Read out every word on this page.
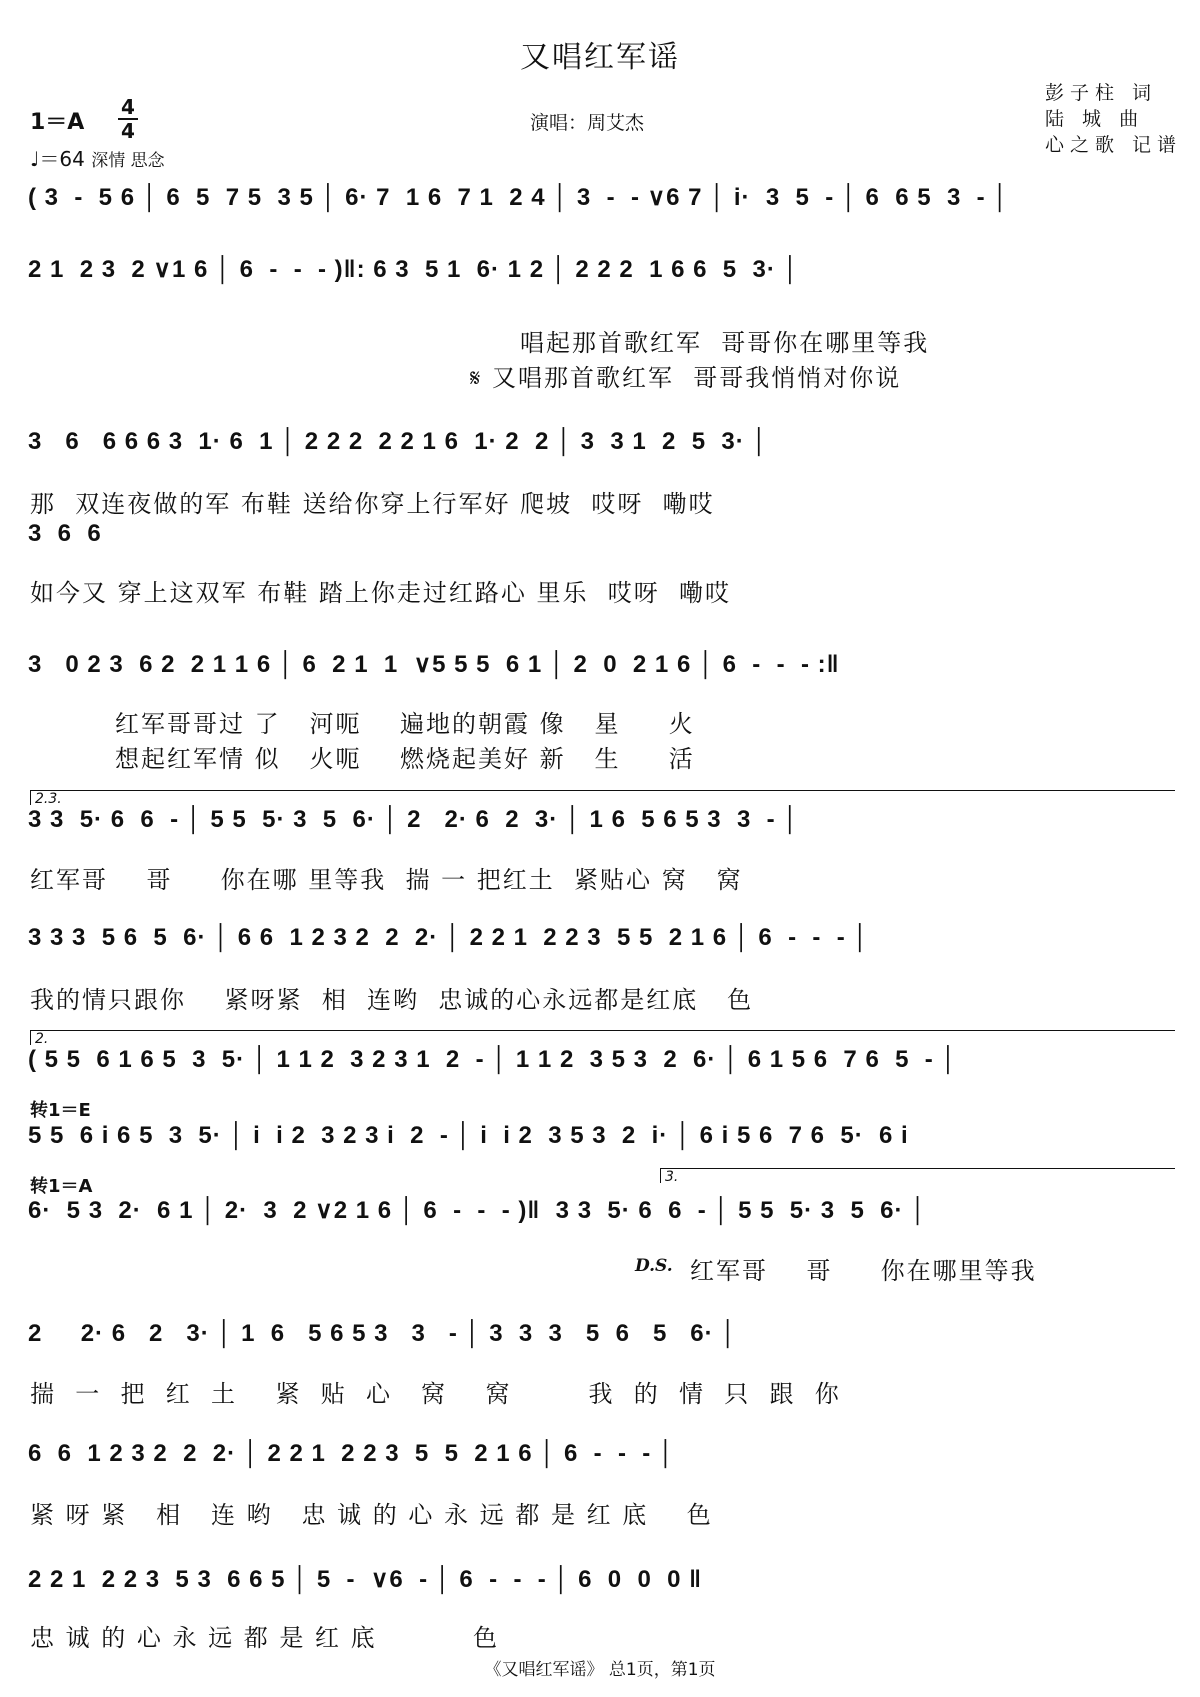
又唱红军谣
彭子柱 词
陆 城 曲
心之歌 记谱
1＝A
4
4
♩＝64 深情 思念
演唱：周艾杰
( 3  -  5 6 │ 6  5  7 5  3 5 │ 6· 7  1 6  7 1  2 4 │ 3  -  - ∨6 7 │ i·  3  5  - │ 6  6 5  3  - │
2 1  2 3  2 ∨1 6 │ 6  -  -  - )‖: 6 3  5 1  6· 1 2 │ 2 2 2  1 6 6  5  3· │
唱起那首歌红军  哥哥你在哪里等我
𝄋 又唱那首歌红军  哥哥我悄悄对你说
3   6   6 6 6 3  1· 6  1 │ 2 2 2  2 2 1 6  1· 2  2 │ 3  3 1  2  5  3· │
那  双连夜做的军 布鞋 送给你穿上行军好 爬坡  哎呀  嘞哎
3  6  6
如今又 穿上这双军 布鞋 踏上你走过红路心 里乐  哎呀  嘞哎
3   0 2 3  6 2  2 1 1 6 │ 6  2 1  1  ∨5 5 5  6 1 │ 2  0  2 1 6 │ 6  -  -  - :‖
红军哥哥过 了   河呃    遍地的朝霞 像   星     火
想起红军情 似   火呃    燃烧起美好 新   生     活
2.3.
3 3  5· 6  6  - │ 5 5  5· 3  5  6· │ 2   2· 6  2  3· │ 1 6  5 6 5 3  3  - │
红军哥    哥     你在哪 里等我  揣 一 把红土  紧贴心 窝   窝
3 3 3  5 6  5  6· │ 6 6  1 2 3 2  2  2· │ 2 2 1  2 2 3  5 5  2 1 6 │ 6  -  -  - │
我的情只跟你    紧呀紧  相  连哟  忠诚的心永远都是红底   色
2.
( 5 5  6 1 6 5  3  5· │ 1 1 2  3 2 3 1  2  - │ 1 1 2  3 5 3  2  6· │ 6 1 5 6  7 6  5  - │
转1＝E
5 5  6 i 6 5  3  5· │ i  i 2  3 2 3 i  2  - │ i  i 2  3 5 3  2  i· │ 6 i 5 6  7 6  5·  6 i
转1＝A	3.
6·  5 3  2·  6 1 │ 2·  3  2 ∨2 1 6 │ 6  -  -  - )‖  3 3  5· 6  6  - │ 5 5  5· 3  5  6· │
D.S. 红军哥    哥     你在哪里等我
2     2· 6   2   3· │ 1  6   5 6 5 3   3   - │ 3  3  3   5  6   5   6· │
揣  一  把  红  土    紧  贴  心   窝    窝        我  的  情  只  跟  你
6  6  1 2 3 2  2  2· │ 2 2 1  2 2 3  5  5  2 1 6 │ 6  -  -  - │
紧 呀 紧   相   连 哟   忠 诚 的 心 永 远 都 是 红 底    色
2 2 1  2 2 3  5 3  6 6 5 │ 5  -  ∨6  - │ 6  -  -  - │ 6  0  0  0 ‖
忠 诚 的 心 永 远 都 是 红 底          色
《又唱红军谣》 总1页，第1页
